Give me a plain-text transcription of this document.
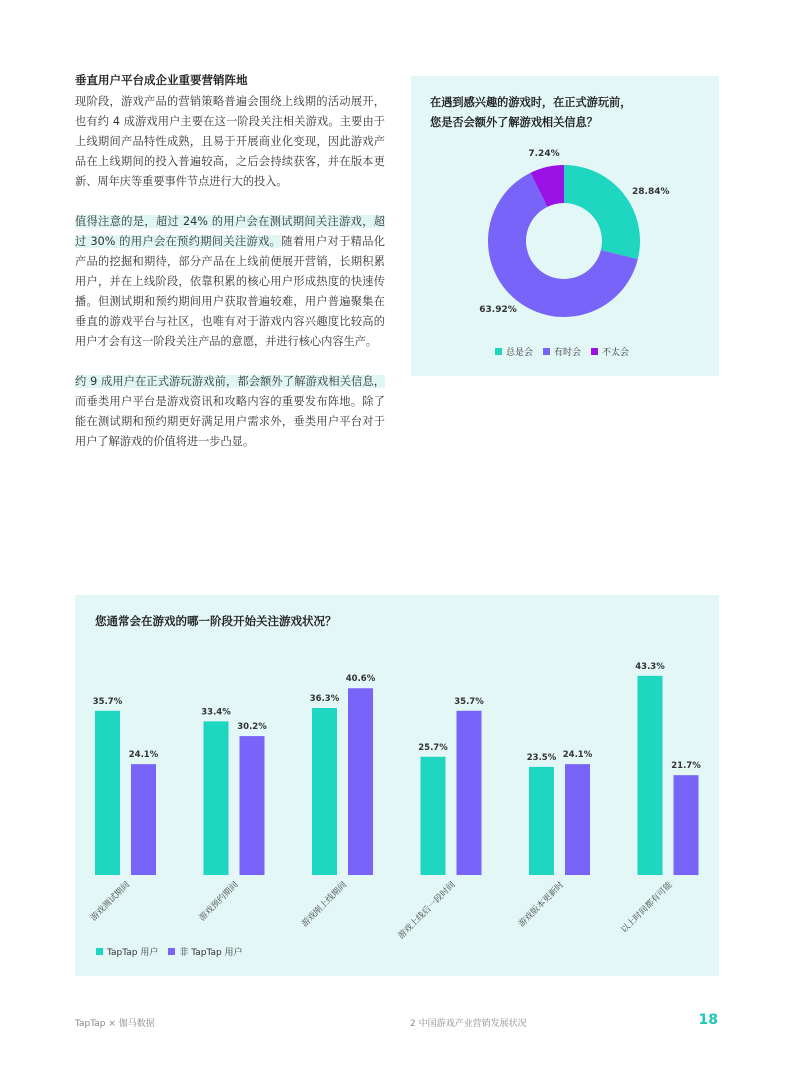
垂直用户平台成企业重要营销阵地

现阶段，游戏产品的营销策略普遍会围绕上线期的活动展开，也有约 4 成游戏用户主要在这一阶段关注相关游戏。主要由于上线期间产品特性成熟，且易于开展商业化变现，因此游戏产品在上线期间的投入普遍较高，之后会持续获客，并在版本更新、周年庆等重要事件节点进行大的投入。

值得注意的是，超过 24% 的用户会在测试期间关注游戏，超过 30% 的用户会在预约期间关注游戏。随着用户对于精品化产品的挖掘和期待，部分产品在上线前便展开营销，长期积累用户，并在上线阶段，依靠积累的核心用户形成热度的快速传播。但测试期和预约期间用户获取普遍较难，用户普遍聚集在垂直的游戏平台与社区，也唯有对于游戏内容兴趣度比较高的用户才会有这一阶段关注产品的意愿，并进行核心内容生产。

约 9 成用户在正式游玩游戏前，都会额外了解游戏相关信息，而垂类用户平台是游戏资讯和攻略内容的重要发布阵地。除了能在测试期和预约期更好满足用户需求外，垂类用户平台对于用户了解游戏的价值将进一步凸显。

在遇到感兴趣的游戏时，在正式游玩前，
您是否会额外了解游戏相关信息？
28.84%
63.92%
7.24%
总是会 有时会 不太会
您通常会在游戏的哪一阶段开始关注游戏状况？
35.7%
24.1%
游戏测试期间
33.4%
30.2%
游戏预约期间
36.3%
40.6%
游戏刚上线期间
25.7%
35.7%
游戏上线后一段时间
23.5% 24.1%
游戏版本更新时
43.3%
21.7%
以上时间都有可能
TapTap 用户 非 TapTap 用户
TapTap × 伽马数据	2 中国游戏产业营销发展状况	18
